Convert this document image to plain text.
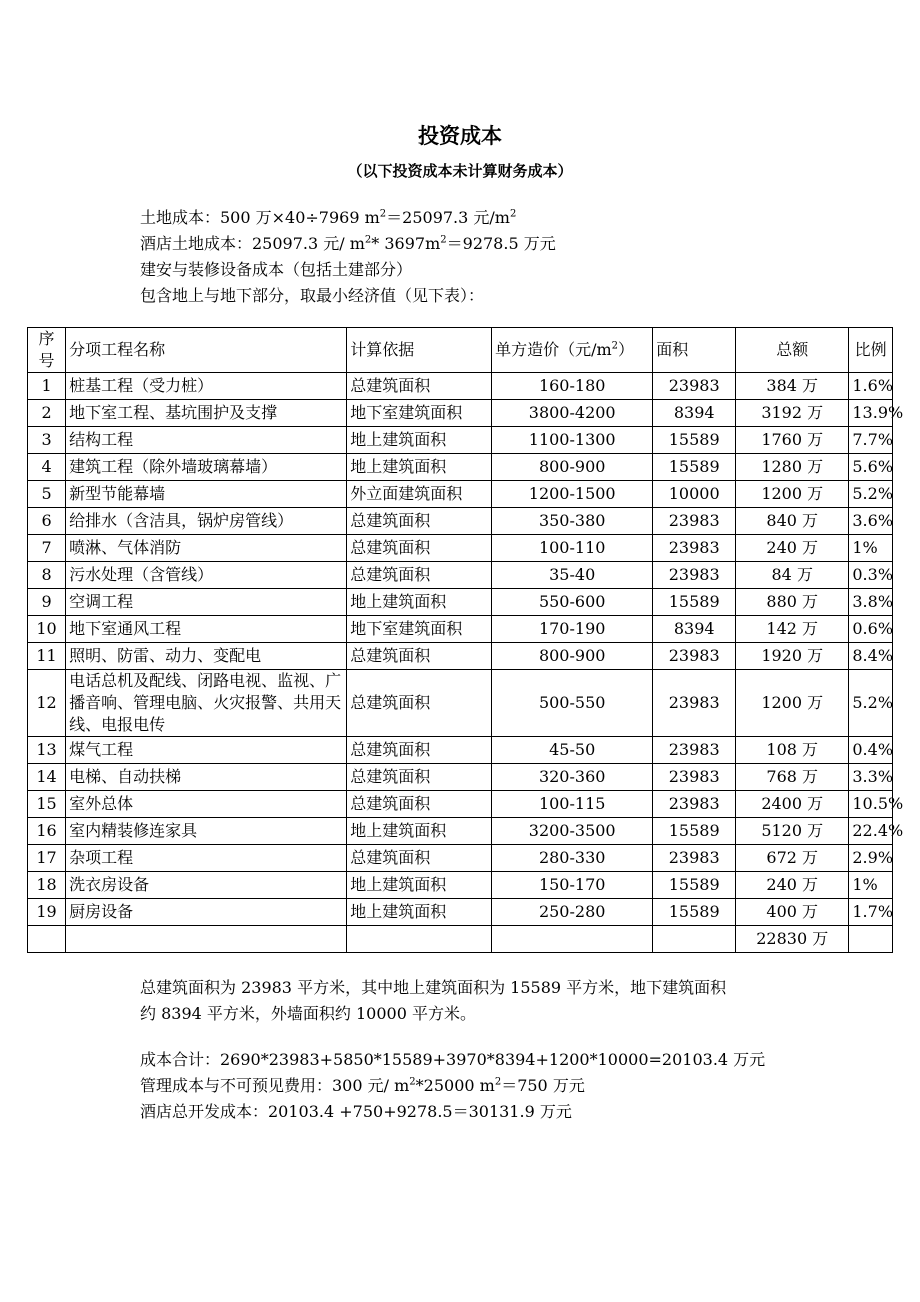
投资成本
（以下投资成本未计算财务成本）
土地成本：500 万×40÷7969 $m^2=25097.3$ 元$/m^2$
酒店土地成本：25097.3 元/ $m^2*$ $3697m^2=9278.5$ 万元
建安与装修设备成本（包括土建部分）
包含地上与地下部分，取最小经济值（见下表）：
序号	分项工程名称	计算依据	单方造价（元$/m^2$）	面积	总额	比例
1	桩基工程（受力桩）	总建筑面积	160-180	23983	384 万	1.6%
2	地下室工程、基坑围护及支撑	地下室建筑面积	3800-4200	8394	3192 万	13.9%
3	结构工程	地上建筑面积	1100-1300	15589	1760 万	7.7%
4	建筑工程（除外墙玻璃幕墙）	地上建筑面积	800-900	15589	1280 万	5.6%
5	新型节能幕墙	外立面建筑面积	1200-1500	10000	1200 万	5.2%
6	给排水（含洁具，锅炉房管线）	总建筑面积	350-380	23983	840 万	3.6%
7	喷淋、气体消防	总建筑面积	100-110	23983	240 万	1%
8	污水处理（含管线）	总建筑面积	35-40	23983	84 万	0.3%
9	空调工程	地上建筑面积	550-600	15589	880 万	3.8%
10	地下室通风工程	地下室建筑面积	170-190	8394	142 万	0.6%
11	照明、防雷、动力、变配电	总建筑面积	800-900	23983	1920 万	8.4%
12	电话总机及配线、闭路电视、监视、广播音响、管理电脑、火灾报警、共用天线、电报电传	总建筑面积	500-550	23983	1200 万	5.2%
13	煤气工程	总建筑面积	45-50	23983	108 万	0.4%
14	电梯、自动扶梯	总建筑面积	320-360	23983	768 万	3.3%
15	室外总体	总建筑面积	100-115	23983	2400 万	10.5%
16	室内精装修连家具	地上建筑面积	3200-3500	15589	5120 万	22.4%
17	杂项工程	总建筑面积	280-330	23983	672 万	2.9%
18	洗衣房设备	地上建筑面积	150-170	15589	240 万	1%
19	厨房设备	地上建筑面积	250-280	15589	400 万	1.7%
					22830 万	
总建筑面积为 23983 平方米，其中地上建筑面积为 15589 平方米，地下建筑面积
约 8394 平方米，外墙面积约 10000 平方米。
成本合计：2690*23983+5850*15589+3970*8394+1200*10000=20103.4 万元
管理成本与不可预见费用：300 元/ $m^2*25000$ $m^2=750$ 万元
酒店总开发成本：20103.4 +750+9278.5＝30131.9 万元
